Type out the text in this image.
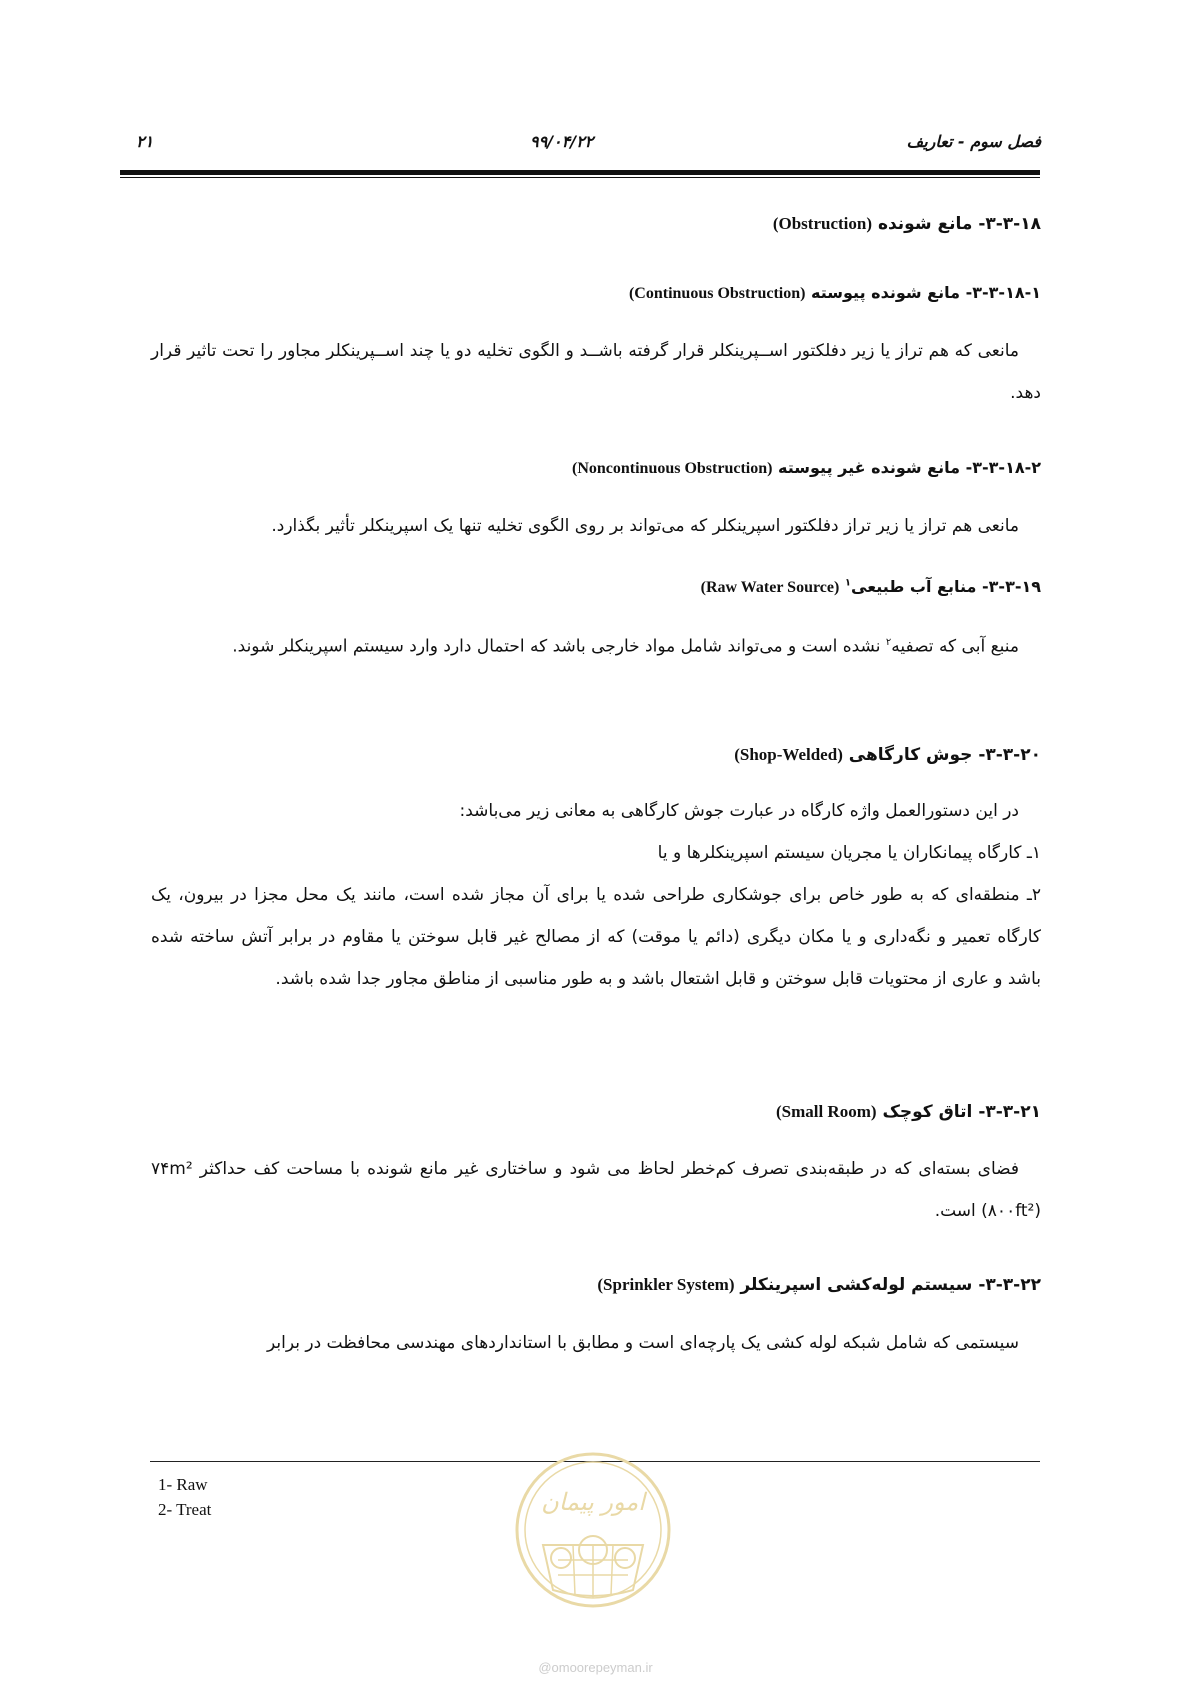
فصل سوم - تعاریف
۹۹/۰۴/۲۲
۲۱
۳-۳-۱۸- مانع شونده (Obstruction)
۳-۳-۱۸-۱- مانع شونده پیوسته (Continuous Obstruction)
مانعی که هم تراز یا زیر دفلکتور اســپرینکلر قرار گرفته باشــد و الگوی تخلیه دو یا چند اســپرینکلر مجاور را تحت تاثیر قرار دهد.
۳-۳-۱۸-۲- مانع شونده غیر پیوسته (Noncontinuous Obstruction)
مانعی هم تراز یا زیر تراز دفلکتور اسپرینکلر که می‌تواند بر روی الگوی تخلیه تنها یک اسپرینکلر تأثیر بگذارد.
۳-۳-۱۹- منابع آب طبیعی$^۱$ (Raw Water Source)
منبع آبی که تصفیه$^۲$ نشده است و می‌تواند شامل مواد خارجی باشد که احتمال دارد وارد سیستم اسپرینکلر شوند.
۳-۳-۲۰- جوش کارگاهی (Shop-Welded)
در این دستورالعمل واژه کارگاه در عبارت جوش کارگاهی به معانی زیر می‌باشد:
۱ـ کارگاه پیمانکاران یا مجریان سیستم اسپرینکلرها و یا
۲ـ منطقه‌ای که به طور خاص برای جوشکاری طراحی شده یا برای آن مجاز شده است، مانند یک محل مجزا در بیرون، یک کارگاه تعمیر و نگه‌داری و یا مکان دیگری (دائم یا موقت) که از مصالح غیر قابل سوختن یا مقاوم در برابر آتش ساخته شده باشد و عاری از محتویات قابل سوختن و قابل اشتعال باشد و به طور مناسبی از مناطق مجاور جدا شده باشد.
۳-۳-۲۱- اتاق کوچک (Small Room)
فضای بسته‌ای که در طبقه‌بندی تصرف کم‌خطر لحاظ می شود و ساختاری غیر مانع شونده با مساحت کف حداکثر ۷۴m² (۸۰۰ft²) است.
۳-۳-۲۲- سیستم لوله‌کشی اسپرینکلر (Sprinkler System)
سیستمی که شامل شبکه لوله کشی یک پارچه‌ای است و مطابق با استانداردهای مهندسی محافظت در برابر
1- Raw
2- Treat	امور پیمان
@omoorepeyman.ir
